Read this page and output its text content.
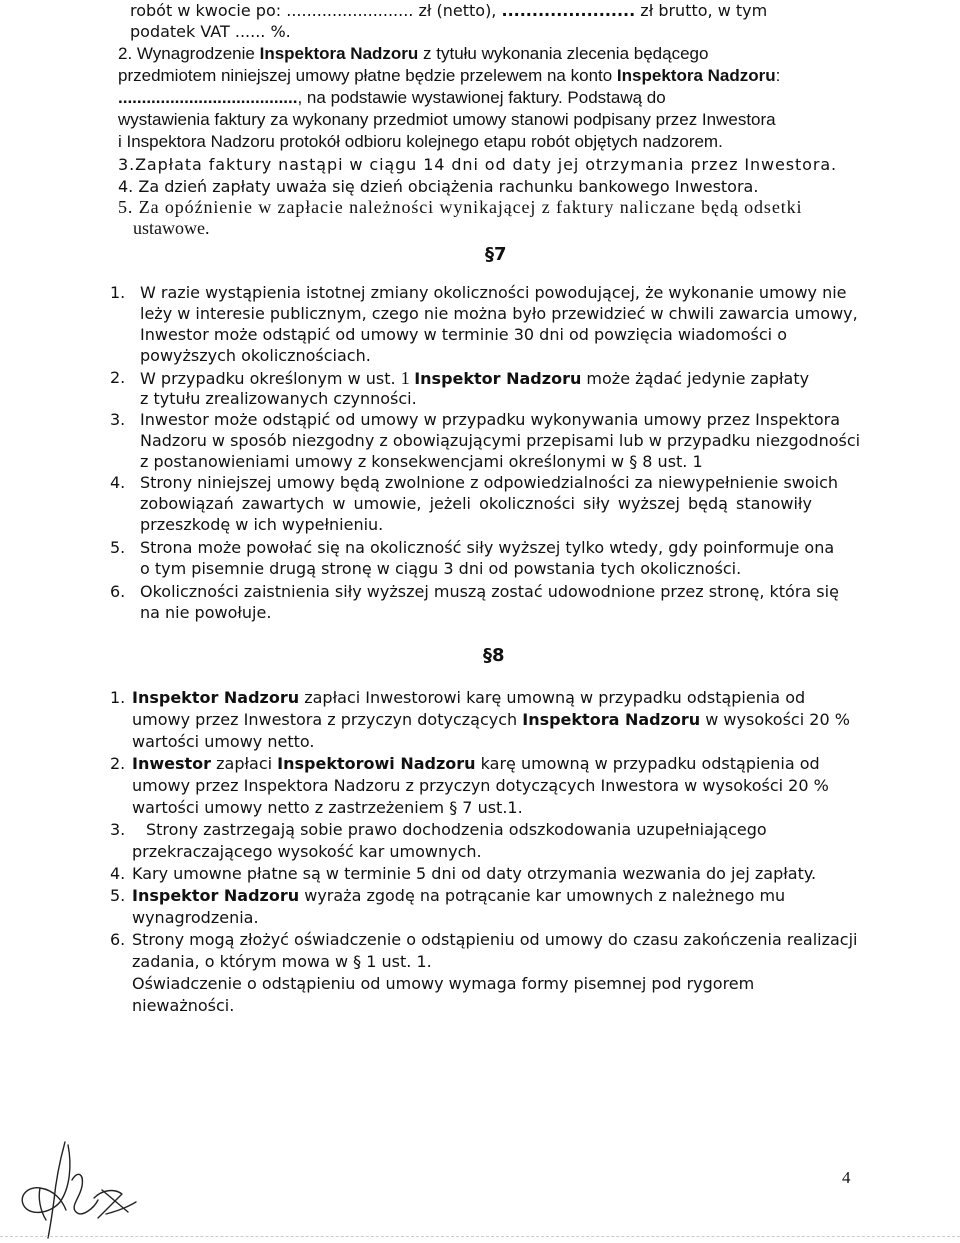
robót w kwocie po: ......................... zł (netto), ...................... zł brutto, w tym
podatek VAT ...... %.
2. Wynagrodzenie Inspektora Nadzoru z tytułu wykonania zlecenia będącego
przedmiotem niniejszej umowy płatne będzie przelewem na konto Inspektora Nadzoru:
......................................, na podstawie wystawionej faktury. Podstawą do
wystawienia faktury za wykonany przedmiot umowy stanowi podpisany przez Inwestora
i Inspektora Nadzoru protokół odbioru kolejnego etapu robót objętych nadzorem.
3.Zapłata faktury nastąpi w ciągu 14 dni od daty jej otrzymania przez Inwestora.
4. Za dzień zapłaty uważa się dzień obciążenia rachunku bankowego Inwestora.
5. Za opóźnienie w zapłacie należności wynikającej z faktury naliczane będą odsetki
ustawowe.
§7
1. W razie wystąpienia istotnej zmiany okoliczności powodującej, że wykonanie umowy nie
leży w interesie publicznym, czego nie można było przewidzieć w chwili zawarcia umowy,
Inwestor może odstąpić od umowy w terminie 30 dni od powzięcia wiadomości o
powyższych okolicznościach.
2. W przypadku określonym w ust. 1 Inspektor Nadzoru może żądać jedynie zapłaty
z tytułu zrealizowanych czynności.
3. Inwestor może odstąpić od umowy w przypadku wykonywania umowy przez Inspektora
Nadzoru w sposób niezgodny z obowiązującymi przepisami lub w przypadku niezgodności
z postanowieniami umowy z konsekwencjami określonymi w § 8 ust. 1
4. Strony niniejszej umowy będą zwolnione z odpowiedzialności za niewypełnienie swoich
zobowiązań zawartych w umowie, jeżeli okoliczności siły wyższej będą stanowiły
przeszkodę w ich wypełnieniu.
5. Strona może powołać się na okoliczność siły wyższej tylko wtedy, gdy poinformuje ona
o tym pisemnie drugą stronę w ciągu 3 dni od powstania tych okoliczności.
6. Okoliczności zaistnienia siły wyższej muszą zostać udowodnione przez stronę, która się
na nie powołuje.
§8
1. Inspektor Nadzoru zapłaci Inwestorowi karę umowną w przypadku odstąpienia od
umowy przez Inwestora z przyczyn dotyczących Inspektora Nadzoru w wysokości 20 %
wartości umowy netto.
2. Inwestor zapłaci Inspektorowi Nadzoru karę umowną w przypadku odstąpienia od
umowy przez Inspektora Nadzoru z przyczyn dotyczących Inwestora w wysokości 20 %
wartości umowy netto z zastrzeżeniem § 7 ust.1.
3. Strony zastrzegają sobie prawo dochodzenia odszkodowania uzupełniającego
przekraczającego wysokość kar umownych.
4. Kary umowne płatne są w terminie 5 dni od daty otrzymania wezwania do jej zapłaty.
5. Inspektor Nadzoru wyraża zgodę na potrącanie kar umownych z należnego mu
wynagrodzenia.
6. Strony mogą złożyć oświadczenie o odstąpieniu od umowy do czasu zakończenia realizacji
zadania, o którym mowa w § 1 ust. 1.
Oświadczenie o odstąpieniu od umowy wymaga formy pisemnej pod rygorem
nieważności.
4
